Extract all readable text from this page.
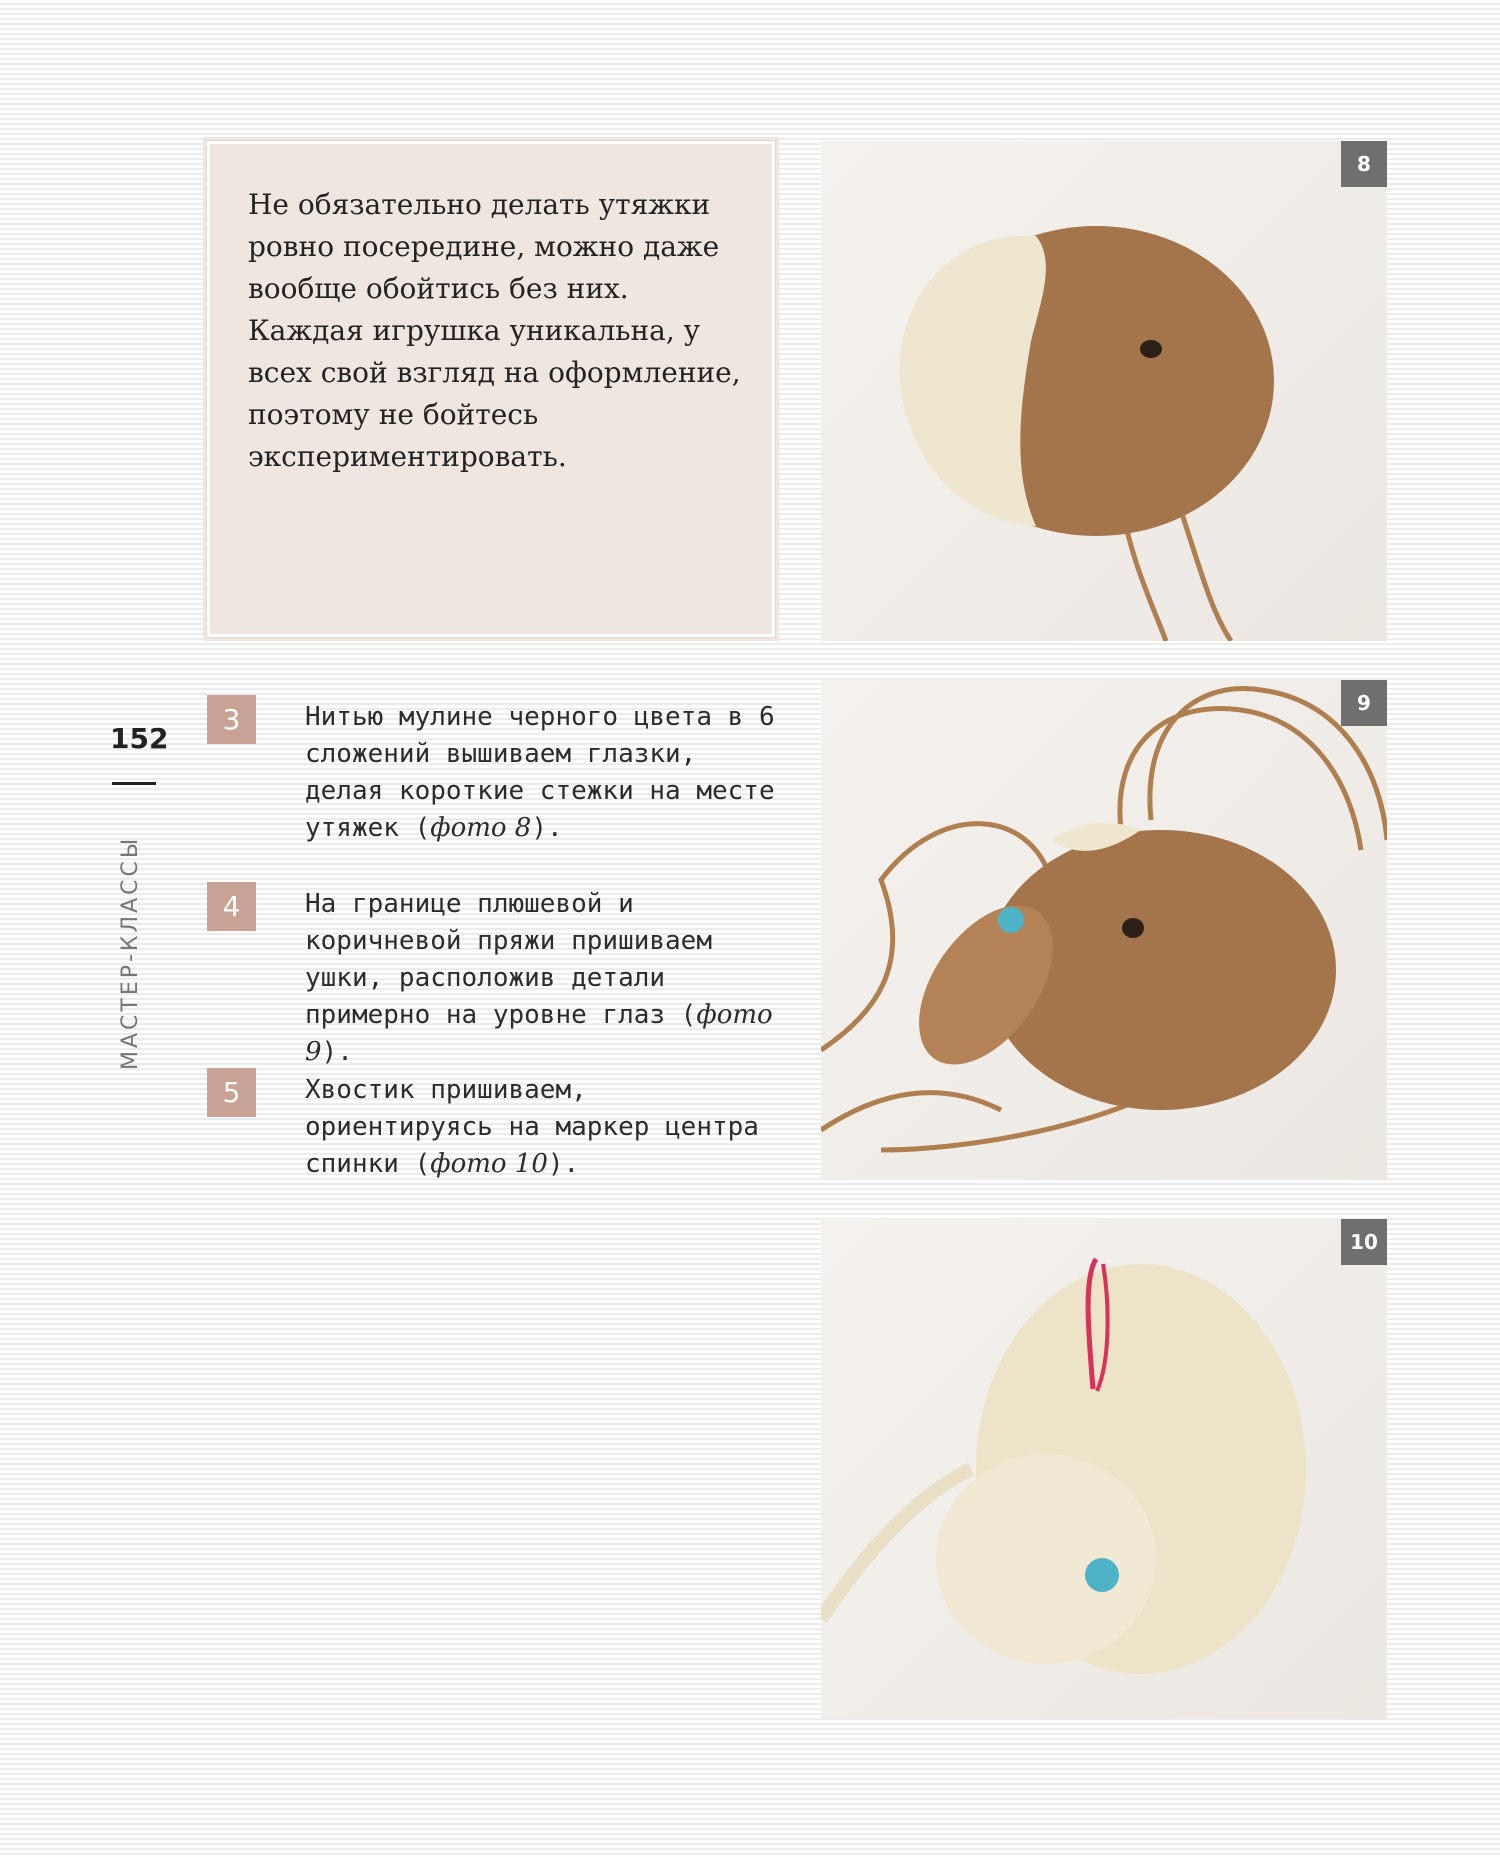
Не обязательно делать утяжки ровно посередине, можно даже вообще обойтись без них. Каждая игрушка уникальна, у всех свой взгляд на оформление, поэтому не бойтесь экспериментировать.

8
9
10
3	Нитью мулине черного цвета в 6 сложений вышиваем глазки, делая короткие стежки на месте утяжек (фото 8).

4	На границе плюшевой и коричневой пряжи пришиваем ушки, расположив детали примерно на уровне глаз (фото 9).

5	Хвостик пришиваем, ориентируясь на маркер центра спинки (фото 10).

152
МАСТЕР-КЛАССЫ
